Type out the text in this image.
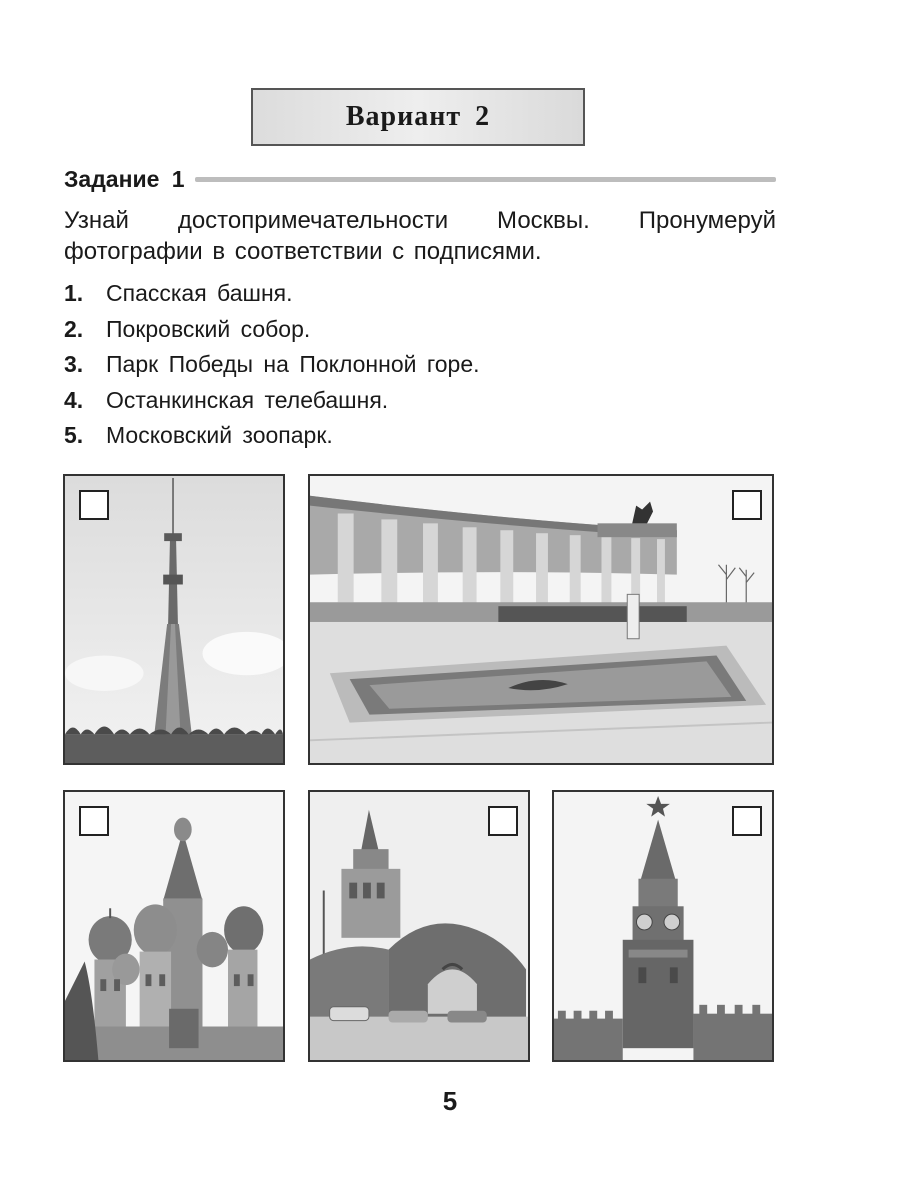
Вариант 2
Задание 1
Узнай достопримечательности Москвы. Пронумеруй фотографии в соответствии с подписями.
1. Спасская башня.
2. Покровский собор.
3. Парк Победы на Поклонной горе.
4. Останкинская телебашня.
5. Московский зоопарк.
5
